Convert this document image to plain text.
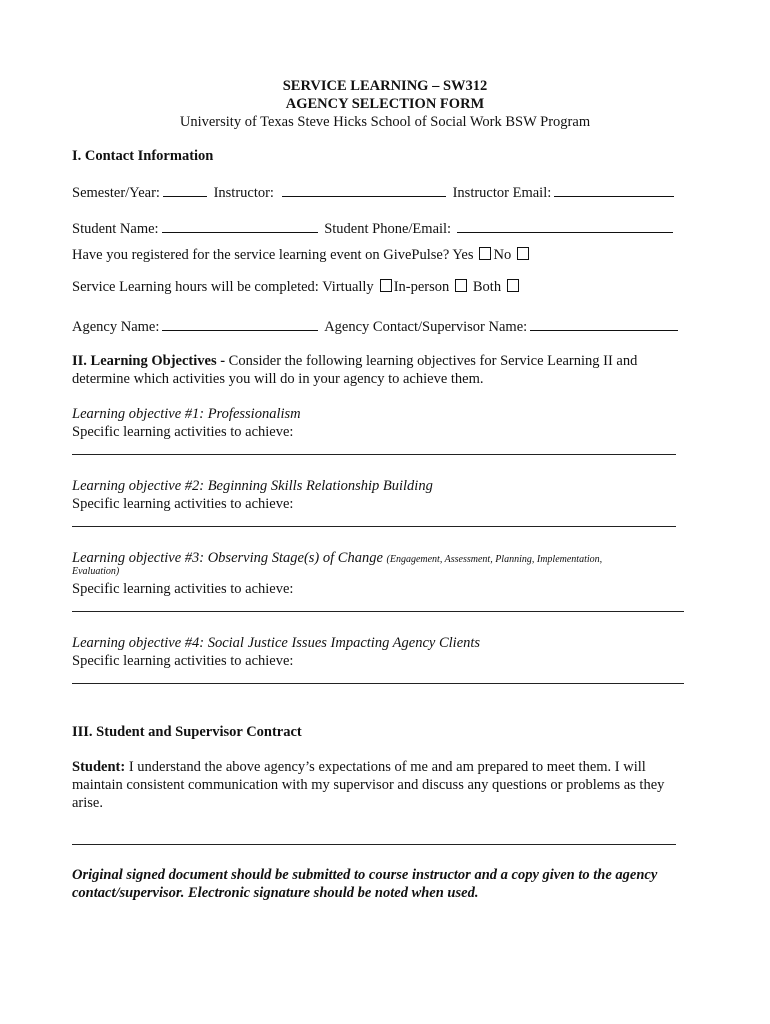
SERVICE LEARNING – SW312
AGENCY SELECTION FORM
University of Texas Steve Hicks School of Social Work BSW Program
I. Contact Information
Semester/Year:	Instructor:	Instructor Email:
Student Name:	Student Phone/Email:
Have you registered for the service learning event on GivePulse? Yes No
Service Learning hours will be completed: Virtually In-person Both
Agency Name:	Agency Contact/Supervisor Name:
II. Learning Objectives - Consider the following learning objectives for Service Learning II and
determine which activities you will do in your agency to achieve them.
Learning objective #1: Professionalism
Specific learning activities to achieve:
Learning objective #2: Beginning Skills Relationship Building
Specific learning activities to achieve:
Learning objective #3: Observing Stage(s) of Change (Engagement, Assessment, Planning, Implementation,
Evaluation)
Specific learning activities to achieve:
Learning objective #4: Social Justice Issues Impacting Agency Clients
Specific learning activities to achieve:
III. Student and Supervisor Contract
Student: I understand the above agency’s expectations of me and am prepared to meet them. I will
maintain consistent communication with my supervisor and discuss any questions or problems as they
arise.
Original signed document should be submitted to course instructor and a copy given to the agency
contact/supervisor. Electronic signature should be noted when used.
